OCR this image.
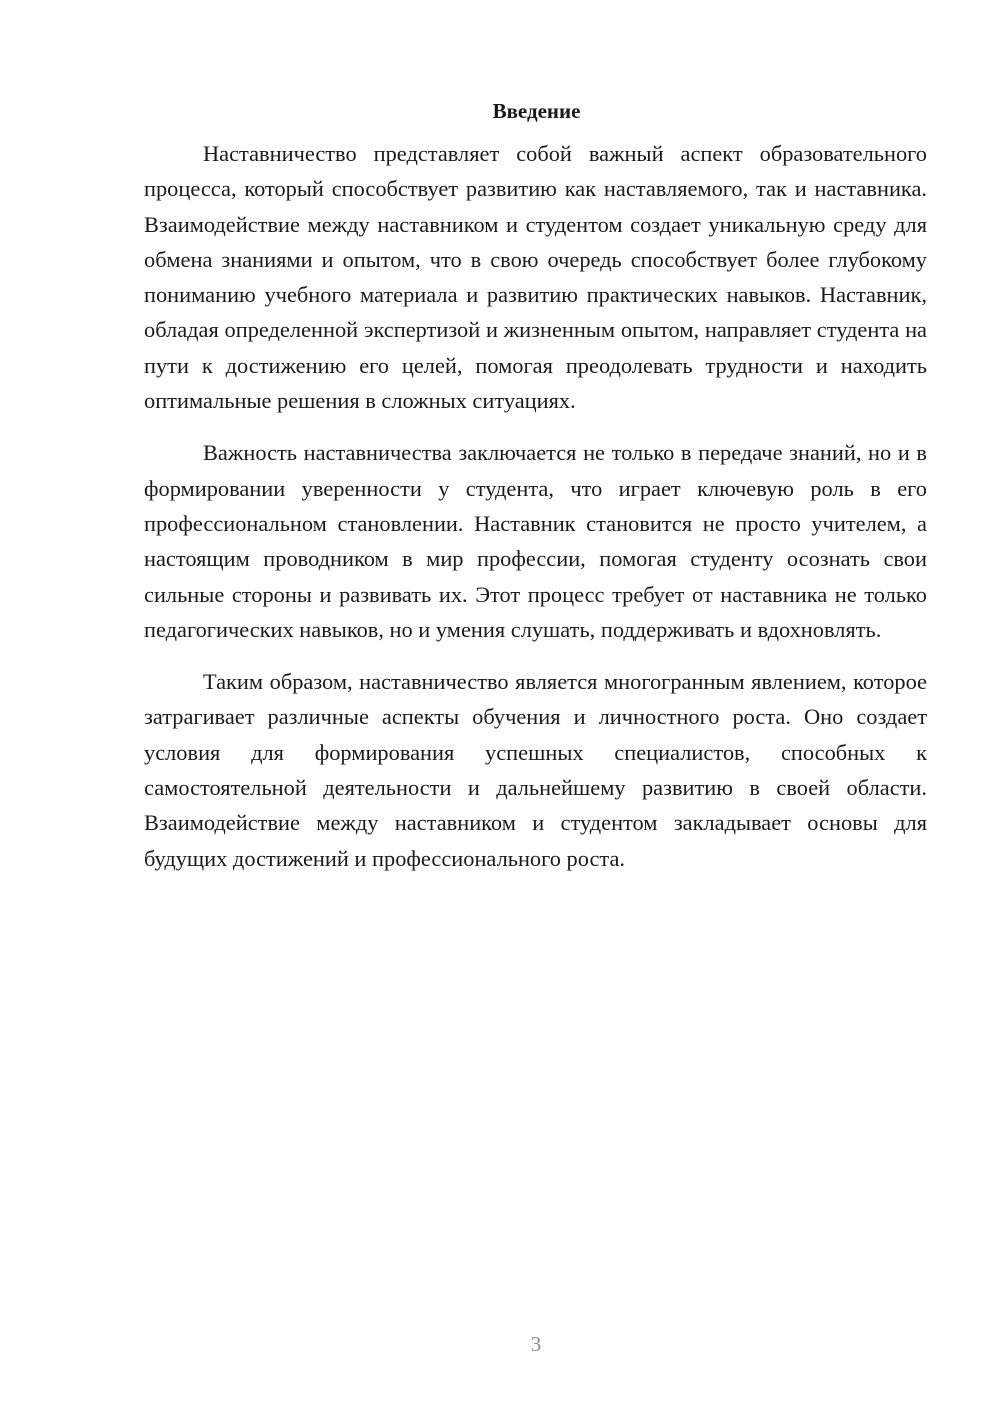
Введение

Наставничество представляет собой важный аспект образовательного процесса, который способствует развитию как наставляемого, так и наставника. Взаимодействие между наставником и студентом создает уникальную среду для обмена знаниями и опытом, что в свою очередь способствует более глубокому пониманию учебного материала и развитию практических навыков. Наставник, обладая определенной экспертизой и жизненным опытом, направляет студента на пути к достижению его целей, помогая преодолевать трудности и находить оптимальные решения в сложных ситуациях.

Важность наставничества заключается не только в передаче знаний, но и в формировании уверенности у студента, что играет ключевую роль в его профессиональном становлении. Наставник становится не просто учителем, а настоящим проводником в мир профессии, помогая студенту осознать свои сильные стороны и развивать их. Этот процесс требует от наставника не только педагогических навыков, но и умения слушать, поддерживать и вдохновлять.

Таким образом, наставничество является многогранным явлением, которое затрагивает различные аспекты обучения и личностного роста. Оно создает условия для формирования успешных специалистов, способных к самостоятельной деятельности и дальнейшему развитию в своей области. Взаимодействие между наставником и студентом закладывает основы для будущих достижений и профессионального роста.

3
